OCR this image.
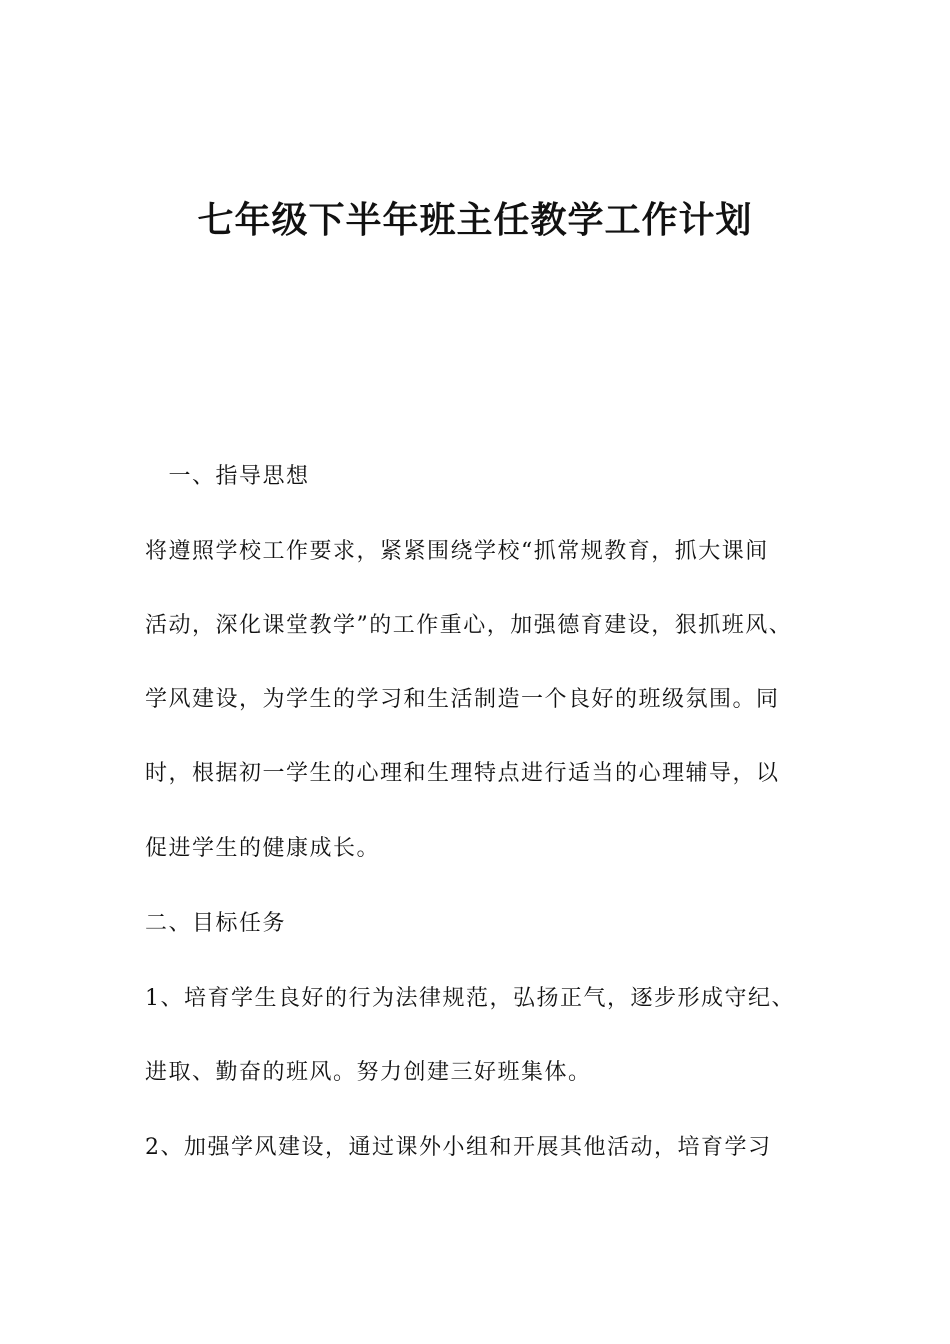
七年级下半年班主任教学工作计划

　一、指导思想

将遵照学校工作要求，紧紧围绕学校“抓常规教育，抓大课间

活动，深化课堂教学”的工作重心，加强德育建设，狠抓班风、

学风建设，为学生的学习和生活制造一个良好的班级氛围。同

时，根据初一学生的心理和生理特点进行适当的心理辅导，以

促进学生的健康成长。

二、目标任务

1、培育学生良好的行为法律规范，弘扬正气，逐步形成守纪、

进取、勤奋的班风。努力创建三好班集体。

2、加强学风建设，通过课外小组和开展其他活动，培育学习
